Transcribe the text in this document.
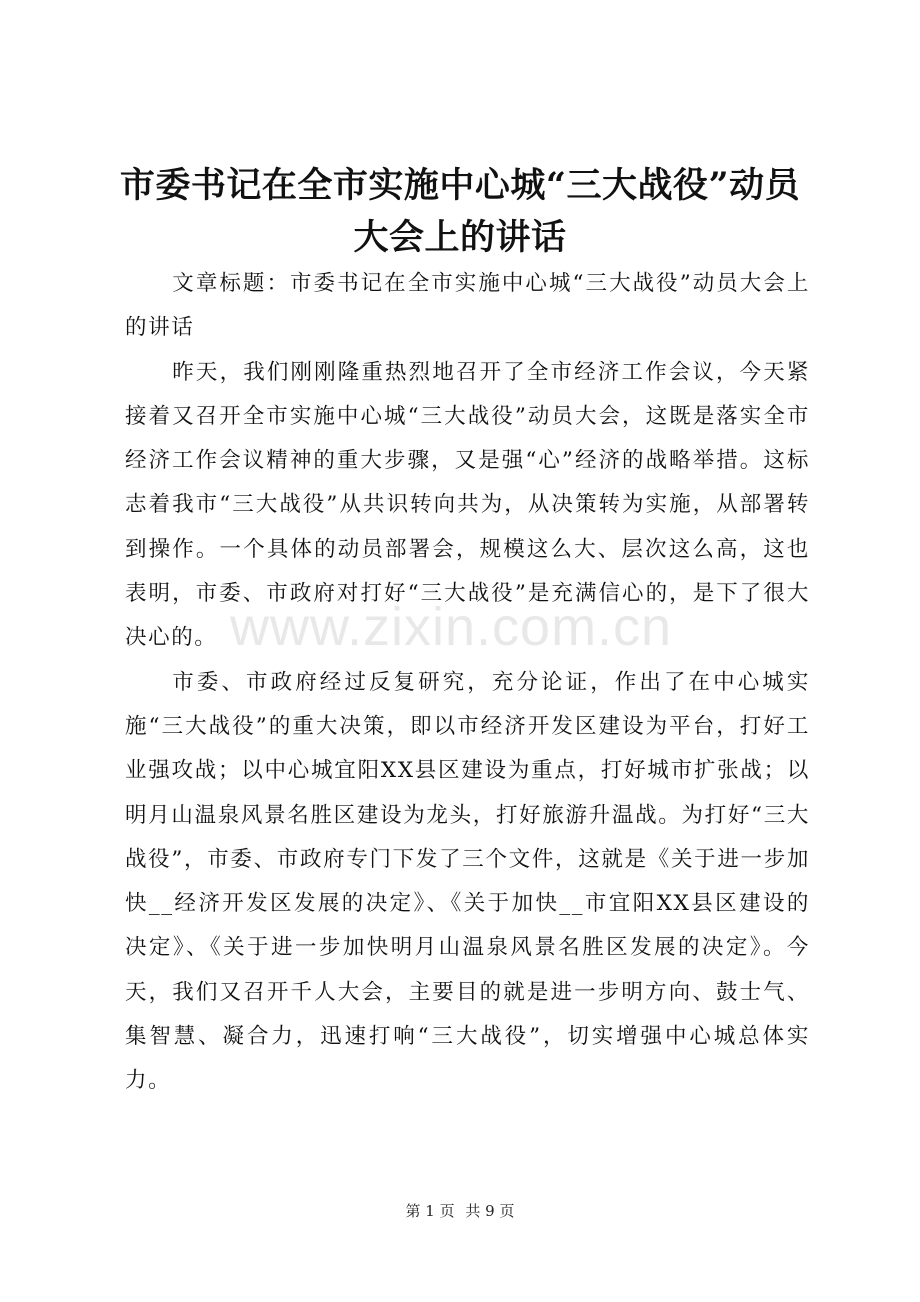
市委书记在全市实施中心城“三大战役”动员大会上的讲话

文章标题：市委书记在全市实施中心城“三大战役”动员大会上的讲话

昨天，我们刚刚隆重热烈地召开了全市经济工作会议，今天紧接着又召开全市实施中心城“三大战役”动员大会，这既是落实全市经济工作会议精神的重大步骤，又是强“心”经济的战略举措。这标志着我市“三大战役”从共识转向共为，从决策转为实施，从部署转到操作。一个具体的动员部署会，规模这么大、层次这么高，这也表明，市委、市政府对打好“三大战役”是充满信心的，是下了很大决心的。

市委、市政府经过反复研究，充分论证，作出了在中心城实施“三大战役”的重大决策，即以市经济开发区建设为平台，打好工业强攻战；以中心城宜阳XX县区建设为重点，打好城市扩张战；以明月山温泉风景名胜区建设为龙头，打好旅游升温战。为打好“三大战役”，市委、市政府专门下发了三个文件，这就是《关于进一步加快__经济开发区发展的决定》、《关于加快__市宜阳XX县区建设的决定》、《关于进一步加快明月山温泉风景名胜区发展的决定》。今天，我们又召开千人大会，主要目的就是进一步明方向、鼓士气、集智慧、凝合力，迅速打响“三大战役”，切实增强中心城总体实力。

www.zixin.com.cn
第 1 页 共 9 页
